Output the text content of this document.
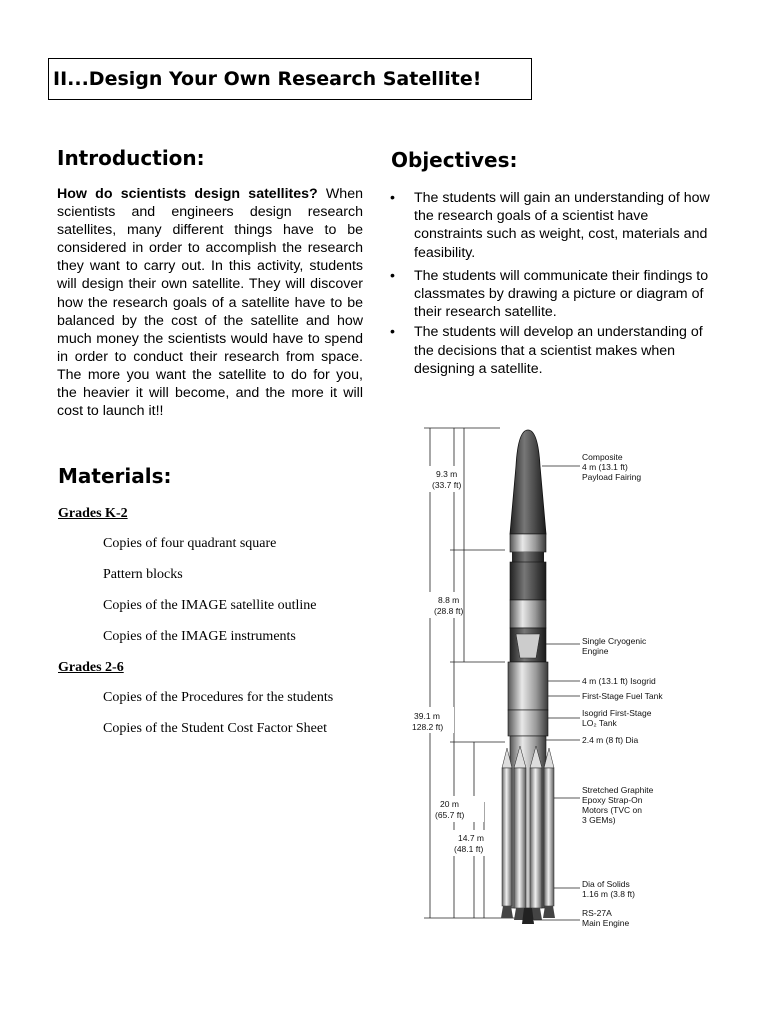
II...Design Your Own Research Satellite!
Introduction:

How do scientists design satellites? When scientists and engineers design research satellites, many different things have to be considered in order to accomplish the research they want to carry out. In this activity, students will design their own satellite. They will discover how the research goals of a satellite have to be balanced by the cost of the satellite and how much money the scientists would have to spend in order to conduct their research from space. The more you want the satellite to do for you, the heavier it will become, and the more it will cost to launch it!!

Objectives:
• The students will gain an understanding of how the research goals of a scientist have constraints such as weight, cost, materials and feasibility.
• The students will communicate their findings to classmates by drawing a picture or diagram of their research satellite.
• The students will develop an understanding of the decisions that a scientist makes when designing a satellite.
Materials:
Grades K-2
Copies of four quadrant square
Pattern blocks
Copies of the IMAGE satellite outline
Copies of the IMAGE instruments
Grades 2-6
Copies of the Procedures for the students
Copies of the Student Cost Factor Sheet
9.3 m
(33.7 ft)
8.8 m
(28.8 ft)
39.1 m
128.2 ft)
20 m
(65.7 ft)
14.7 m
(48.1 ft)
Composite
4 m (13.1 ft)
Payload Fairing
Single Cryogenic
Engine
4 m (13.1 ft) Isogrid
First-Stage Fuel Tank
Isogrid First-Stage
LO₂ Tank
2.4 m (8 ft) Dia
Stretched Graphite
Epoxy Strap-On
Motors (TVC on
3 GEMs)
Dia of Solids
1.16 m (3.8 ft)
RS-27A
Main Engine
